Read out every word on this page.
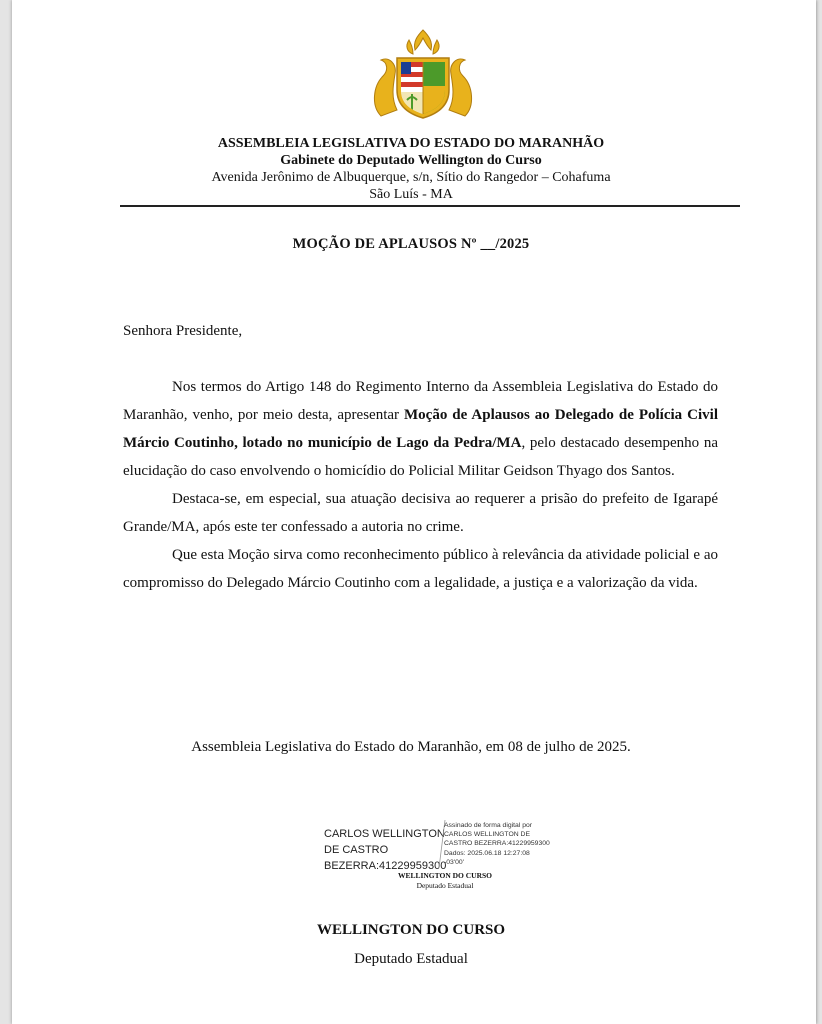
ASSEMBLEIA LEGISLATIVA DO ESTADO DO MARANHÃO
Gabinete do Deputado Wellington do Curso
Avenida Jerônimo de Albuquerque, s/n, Sítio do Rangedor – Cohafuma
São Luís - MA
MOÇÃO DE APLAUSOS Nº __/2025
Senhora Presidente,
Nos termos do Artigo 148 do Regimento Interno da Assembleia Legislativa do Estado do Maranhão, venho, por meio desta, apresentar Moção de Aplausos ao Delegado de Polícia Civil Márcio Coutinho, lotado no município de Lago da Pedra/MA, pelo destacado desempenho na elucidação do caso envolvendo o homicídio do Policial Militar Geidson Thyago dos Santos.
Destaca-se, em especial, sua atuação decisiva ao requerer a prisão do prefeito de Igarapé Grande/MA, após este ter confessado a autoria no crime.
Que esta Moção sirva como reconhecimento público à relevância da atividade policial e ao compromisso do Delegado Márcio Coutinho com a legalidade, a justiça e a valorização da vida.
Assembleia Legislativa do Estado do Maranhão, em 08 de julho de 2025.
CARLOS WELLINGTON
DE CASTRO
BEZERRA:41229959300
Assinado de forma digital por
CARLOS WELLINGTON DE
CASTRO BEZERRA:41229959300
Dados: 2025.06.18 12:27:08
-03'00'
WELLINGTON DO CURSO
Deputado Estadual
WELLINGTON DO CURSO
Deputado Estadual
